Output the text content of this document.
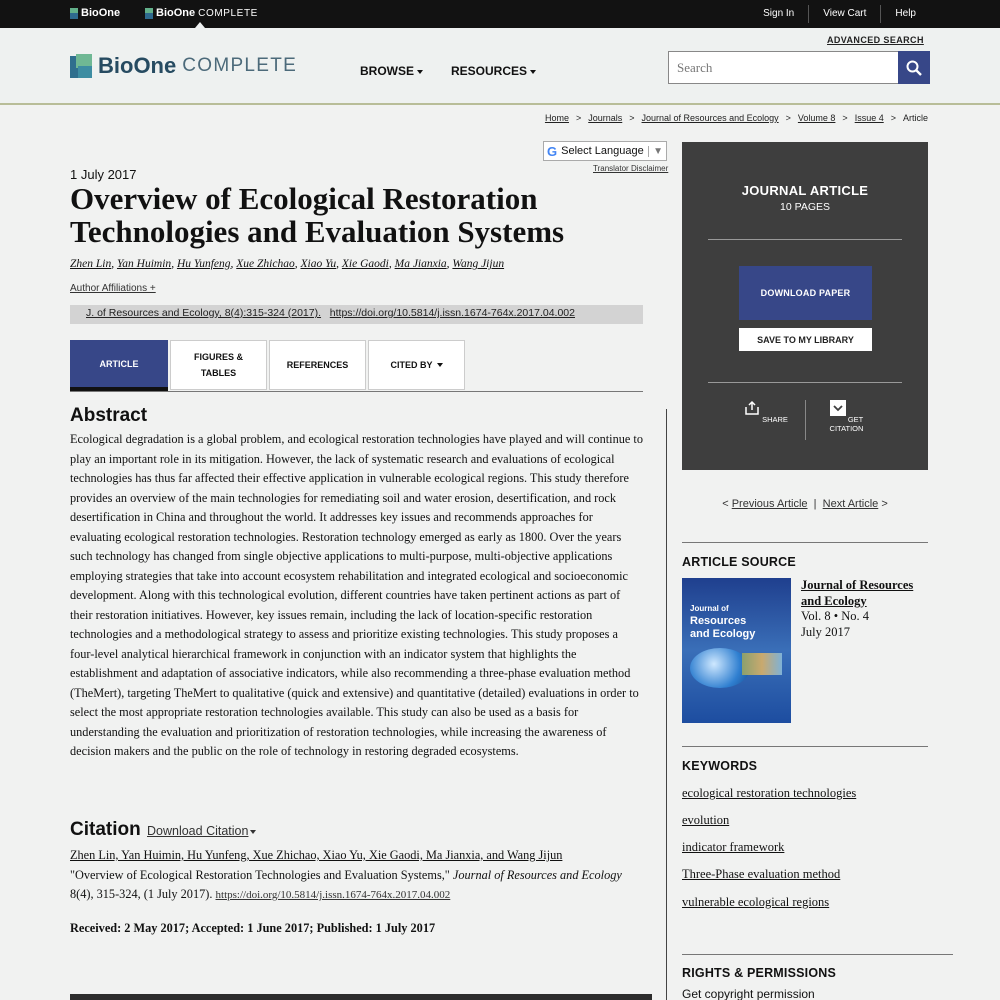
BioOne	BioOne COMPLETE	Sign In	View Cart	Help
ADVANCED SEARCH
BioOne COMPLETE	BROWSE	RESOURCES	Search
Home > Journals > Journal of Resources and Ecology > Volume 8 > Issue 4 > Article
G Select Language ▼
Translator Disclaimer
1 July 2017
Overview of Ecological Restoration Technologies and Evaluation Systems
Zhen Lin, Yan Huimin, Hu Yunfeng, Xue Zhichao, Xiao Yu, Xie Gaodi, Ma Jianxia, Wang Jijun
Author Affiliations +
J. of Resources and Ecology, 8(4):315-324 (2017). https://doi.org/10.5814/j.issn.1674-764x.2017.04.002
ARTICLE
FIGURES & TABLES
REFERENCES	CITED BY
Abstract

Ecological degradation is a global problem, and ecological restoration technologies have played and will continue to play an important role in its mitigation. However, the lack of systematic research and evaluations of ecological technologies has thus far affected their effective application in vulnerable ecological regions. This study therefore provides an overview of the main technologies for remediating soil and water erosion, desertification, and rock desertification in China and throughout the world. It addresses key issues and recommends approaches for evaluating ecological restoration technologies. Restoration technology emerged as early as 1800. Over the years such technology has changed from single objective applications to multi-purpose, multi-objective applications employing strategies that take into account ecosystem rehabilitation and integrated ecological and socioeconomic development. Along with this technological evolution, different countries have taken pertinent actions as part of their restoration initiatives. However, key issues remain, including the lack of location-specific restoration technologies and a methodological strategy to assess and prioritize existing technologies. This study proposes a four-level analytical hierarchical framework in conjunction with an indicator system that highlights the establishment and adaptation of associative indicators, while also recommending a three-phase evaluation method (TheMert), targeting TheMert to qualitative (quick and extensive) and quantitative (detailed) evaluations in order to select the most appropriate restoration technologies available. This study can also be used as a basis for understanding the evaluation and prioritization of restoration technologies, while increasing the awareness of decision makers and the public on the role of technology in restoring degraded ecosystems.

Citation Download Citation
Zhen Lin, Yan Huimin, Hu Yunfeng, Xue Zhichao, Xiao Yu, Xie Gaodi, Ma Jianxia, and Wang Jijun
"Overview of Ecological Restoration Technologies and Evaluation Systems," Journal of Resources and Ecology 8(4), 315-324, (1 July 2017). https://doi.org/10.5814/j.issn.1674-764x.2017.04.002
Received: 2 May 2017; Accepted: 1 June 2017; Published: 1 July 2017
JOURNAL ARTICLE
10 PAGES
DOWNLOAD PAPER
SAVE TO MY LIBRARY
SHARE	GET CITATION
< Previous Article | Next Article >
ARTICLE SOURCE
Journal of
Resources
and Ecology
Journal of Resources and Ecology
Vol. 8 • No. 4
July 2017
KEYWORDS
ecological restoration technologies
evolution
indicator framework
Three-Phase evaluation method
vulnerable ecological regions
RIGHTS & PERMISSIONS
Get copyright permission
